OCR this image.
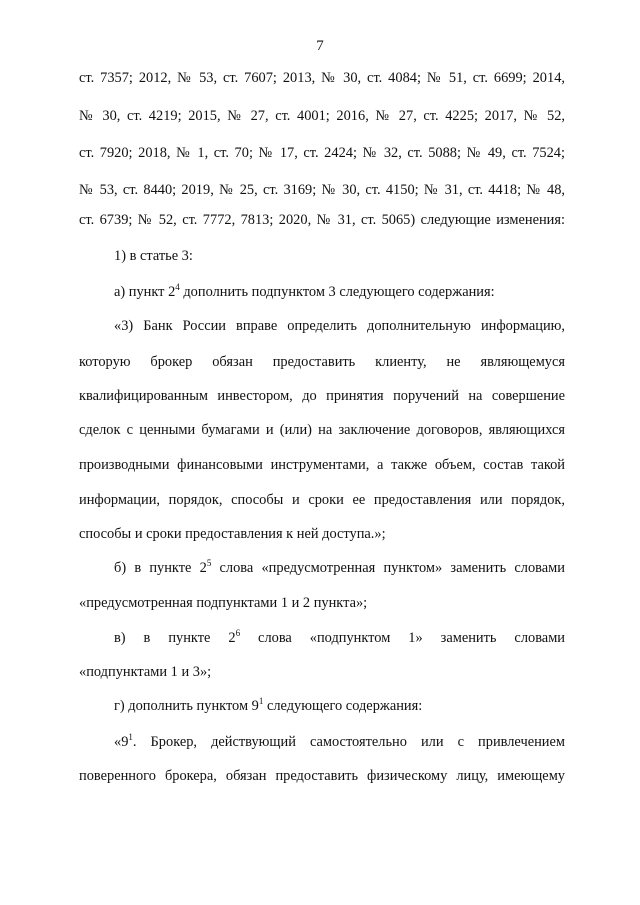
7
ст. 7357; 2012, № 53, ст. 7607; 2013, № 30, ст. 4084; № 51, ст. 6699; 2014,
№ 30, ст. 4219; 2015, № 27, ст. 4001; 2016, № 27, ст. 4225; 2017, № 52,
ст. 7920; 2018, № 1, ст. 70; № 17, ст. 2424; № 32, ст. 5088; № 49, ст. 7524;
№ 53, ст. 8440; 2019, № 25, ст. 3169; № 30, ст. 4150; № 31, ст. 4418; № 48,
ст. 6739; № 52, ст. 7772, 7813; 2020, № 31, ст. 5065) следующие изменения:
1) в статье 3:
а) пункт $2^4$ дополнить подпунктом 3 следующего содержания:
«3) Банк России вправе определить дополнительную информацию,
которую брокер обязан предоставить клиенту, не являющемуся
квалифицированным инвестором, до принятия поручений на совершение
сделок с ценными бумагами и (или) на заключение договоров, являющихся
производными финансовыми инструментами, а также объем, состав такой
информации, порядок, способы и сроки ее предоставления или порядок,
способы и сроки предоставления к ней доступа.»;
б) в пункте $2^5$ слова «предусмотренная пунктом» заменить словами
«предусмотренная подпунктами 1 и 2 пункта»;
в) в пункте $2^6$ слова «подпунктом 1» заменить словами
«подпунктами 1 и 3»;
г) дополнить пунктом $9^1$ следующего содержания:
«$9^1$. Брокер, действующий самостоятельно или с привлечением
поверенного брокера, обязан предоставить физическому лицу, имеющему
